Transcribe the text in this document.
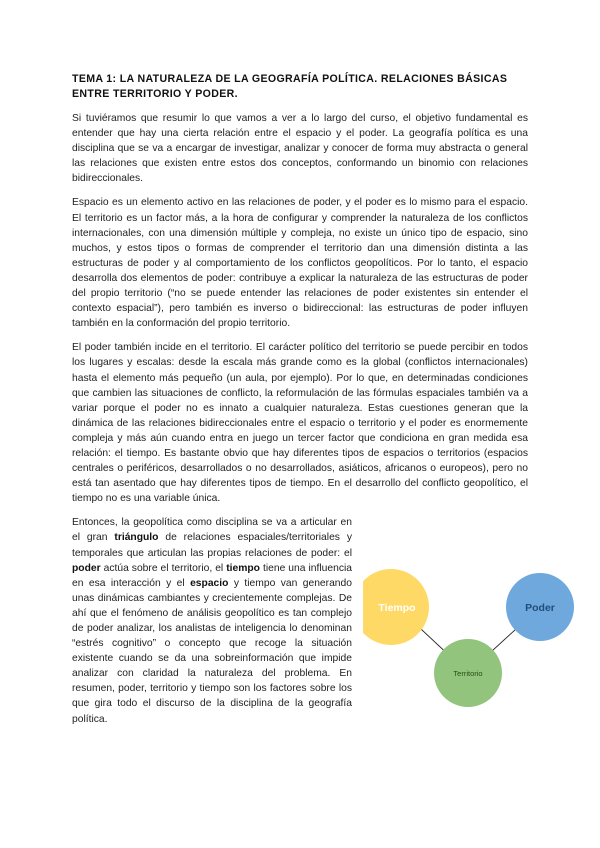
TEMA 1: LA NATURALEZA DE LA GEOGRAFÍA POLÍTICA. RELACIONES BÁSICAS ENTRE TERRITORIO Y PODER.

Si tuviéramos que resumir lo que vamos a ver a lo largo del curso, el objetivo fundamental es entender que hay una cierta relación entre el espacio y el poder. La geografía política es una disciplina que se va a encargar de investigar, analizar y conocer de forma muy abstracta o general las relaciones que existen entre estos dos conceptos, conformando un binomio con relaciones bidireccionales.

Espacio es un elemento activo en las relaciones de poder, y el poder es lo mismo para el espacio. El territorio es un factor más, a la hora de configurar y comprender la naturaleza de los conflictos internacionales, con una dimensión múltiple y compleja, no existe un único tipo de espacio, sino muchos, y estos tipos o formas de comprender el territorio dan una dimensión distinta a las estructuras de poder y al comportamiento de los conflictos geopolíticos. Por lo tanto, el espacio desarrolla dos elementos de poder: contribuye a explicar la naturaleza de las estructuras de poder del propio territorio (“no se puede entender las relaciones de poder existentes sin entender el contexto espacial”), pero también es inverso o bidireccional: las estructuras de poder influyen también en la conformación del propio territorio.

El poder también incide en el territorio. El carácter político del territorio se puede percibir en todos los lugares y escalas: desde la escala más grande como es la global (conflictos internacionales) hasta el elemento más pequeño (un aula, por ejemplo). Por lo que, en determinadas condiciones que cambien las situaciones de conflicto, la reformulación de las fórmulas espaciales también va a variar porque el poder no es innato a cualquier naturaleza. Estas cuestiones generan que la dinámica de las relaciones bidireccionales entre el espacio o territorio y el poder es enormemente compleja y más aún cuando entra en juego un tercer factor que condiciona en gran medida esa relación: el tiempo. Es bastante obvio que hay diferentes tipos de espacios o territorios (espacios centrales o periféricos, desarrollados o no desarrollados, asiáticos, africanos o europeos), pero no está tan asentado que hay diferentes tipos de tiempo. En el desarrollo del conflicto geopolítico, el tiempo no es una variable única.

Entonces, la geopolítica como disciplina se va a articular en el gran triángulo de relaciones espaciales/territoriales y temporales que articulan las propias relaciones de poder: el poder actúa sobre el territorio, el tiempo tiene una influencia en esa interacción y el espacio y tiempo van generando unas dinámicas cambiantes y crecientemente complejas. De ahí que el fenómeno de análisis geopolítico es tan complejo de poder analizar, los analistas de inteligencia lo denominan “estrés cognitivo” o concepto que recoge la situación existente cuando se da una sobreinformación que impide analizar con claridad la naturaleza del problema. En resumen, poder, territorio y tiempo son los factores sobre los que gira todo el discurso de la disciplina de la geografía política.

Tiempo	Poder
Territorio
